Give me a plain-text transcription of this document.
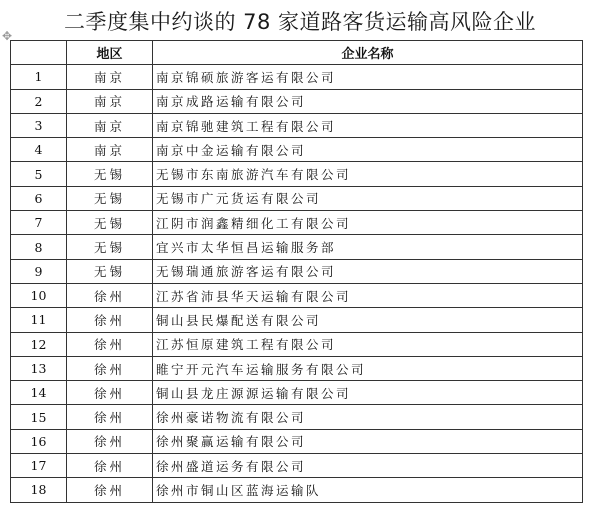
二季度集中约谈的 78 家道路客货运输高风险企业
✥
	地区	企业名称
1	南京	南京锦硕旅游客运有限公司
2	南京	南京成路运输有限公司
3	南京	南京锦驰建筑工程有限公司
4	南京	南京中金运输有限公司
5	无锡	无锡市东南旅游汽车有限公司
6	无锡	无锡市广元货运有限公司
7	无锡	江阴市润鑫精细化工有限公司
8	无锡	宜兴市太华恒昌运输服务部
9	无锡	无锡瑞通旅游客运有限公司
10	徐州	江苏省沛县华天运输有限公司
11	徐州	铜山县民爆配送有限公司
12	徐州	江苏恒原建筑工程有限公司
13	徐州	睢宁开元汽车运输服务有限公司
14	徐州	铜山县龙庄源源运输有限公司
15	徐州	徐州豪诺物流有限公司
16	徐州	徐州聚赢运输有限公司
17	徐州	徐州盛道运务有限公司
18	徐州	徐州市铜山区蓝海运输队
